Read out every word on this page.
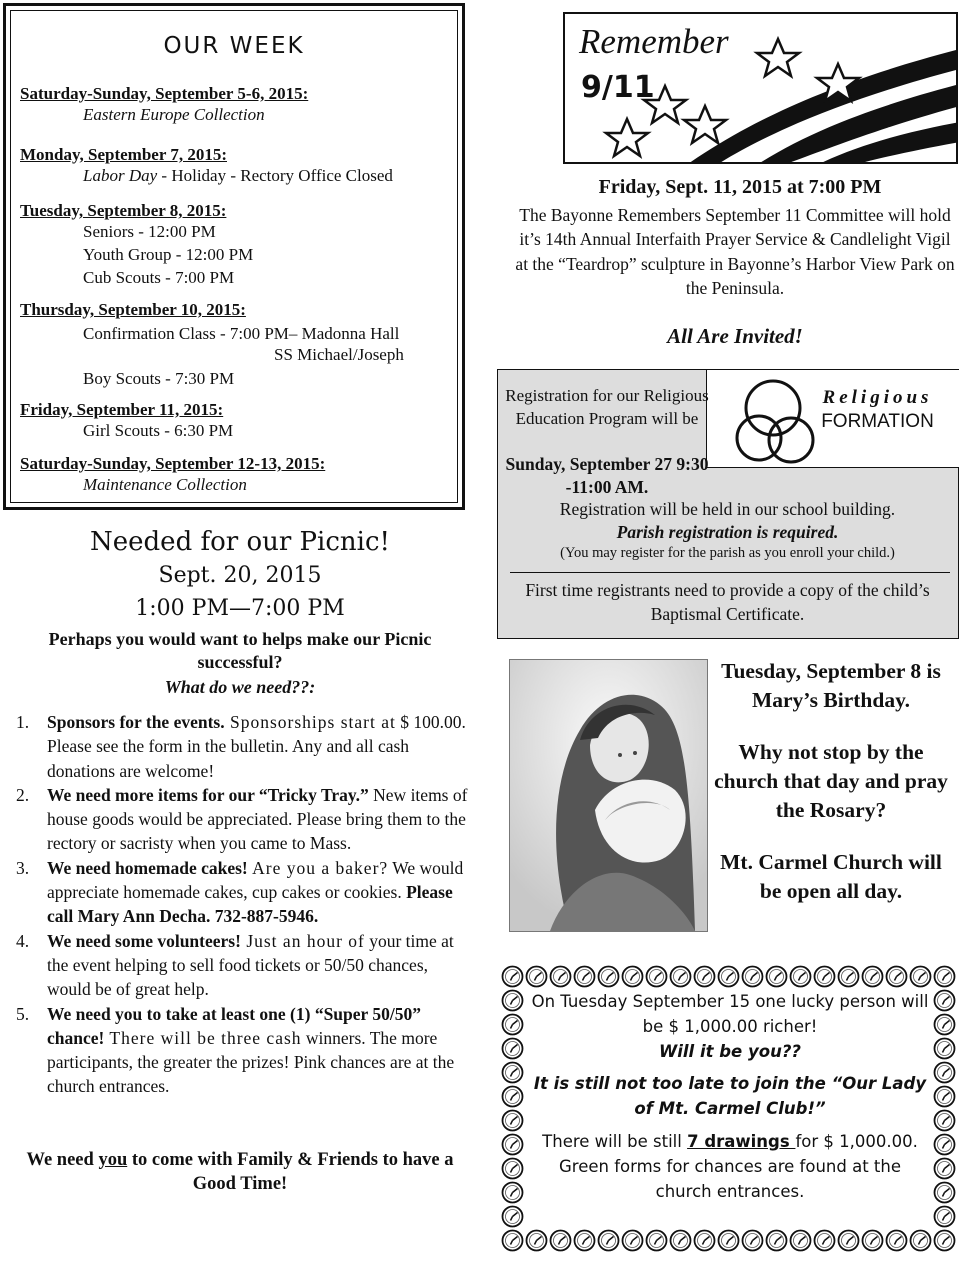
OUR WEEK
Saturday-Sunday, September 5-6, 2015:
Eastern Europe Collection
Monday, September 7, 2015:
Labor Day - Holiday - Rectory Office Closed
Tuesday, September 8, 2015:
Seniors - 12:00 PM
Youth Group - 12:00 PM
Cub Scouts - 7:00 PM
Thursday, September 10, 2015:
Confirmation Class - 7:00 PM– Madonna Hall
SS Michael/Joseph
Boy Scouts - 7:30 PM
Friday, September 11, 2015:
Girl Scouts - 6:30 PM
Saturday-Sunday, September 12-13, 2015:
Maintenance Collection
Needed for our Picnic!
Sept. 20, 2015
1:00 PM—7:00 PM
Perhaps you would want to helps make our Picnic successful?
What do we need??:
1. Sponsors for the events. Sponsorships start at $ 100.00. Please see the form in the bulletin. Any and all cash donations are welcome!
2. We need more items for our “Tricky Tray.” New items of house goods would be appreciated. Please bring them to the rectory or sacristy when you came to Mass.
3. We need homemade cakes! Are you a baker? We would appreciate homemade cakes, cup cakes or cookies. Please call Mary Ann Decha. 732-887-5946.
4. We need some volunteers! Just an hour of your time at the event helping to sell food tickets or 50/50 chances, would be of great help.
5. We need you to take at least one (1) “Super 50/50” chance! There will be three cash winners. The more participants, the greater the prizes! Pink chances are at the church entrances.
We need you to come with Family & Friends to have a Good Time!
Remember
9/11
Friday, Sept. 11, 2015 at 7:00 PM
The Bayonne Remembers September 11 Committee will hold it’s 14th Annual Interfaith Prayer Service & Candlelight Vigil at the “Teardrop” sculpture in Bayonne’s Harbor View Park on the Peninsula.
All Are Invited!
Registration for our Religious Education Program will be
Sunday, September 27 9:30 -11:00 AM.
Religious
FORMATION
Registration will be held in our school building.
Parish registration is required.
(You may register for the parish as you enroll your child.)
First time registrants need to provide a copy of the child’s Baptismal Certificate.
Tuesday, September 8 is Mary’s Birthday.
Why not stop by the church that day and pray the Rosary?
Mt. Carmel Church will be open all day.

On Tuesday September 15 one lucky person will be $ 1,000.00 richer!

Will it be you??

It is still not too late to join the “Our Lady of Mt. Carmel Club!”

There will be still 7 drawings for $ 1,000.00.

Green forms for chances are found at the church entrances.
